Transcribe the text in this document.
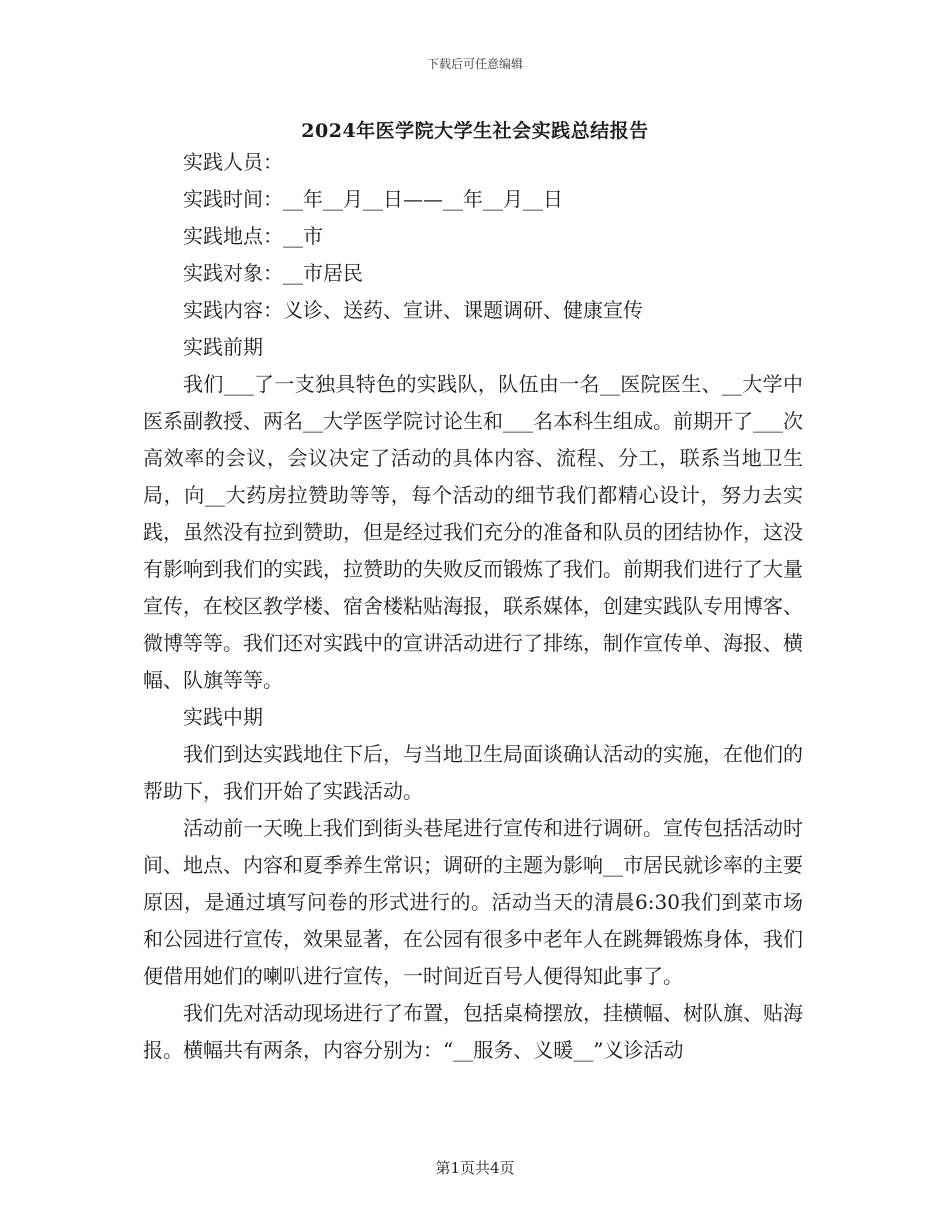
下载后可任意编辑
2024年医学院大学生社会实践总结报告

实践人员：

实践时间：__年__月__日——__年__月__日

实践地点：__市

实践对象：__市居民

实践内容：义诊、送药、宣讲、课题调研、健康宣传

实践前期

我们___了一支独具特色的实践队，队伍由一名__医院医生、__大学中医系副教授、两名__大学医学院讨论生和___名本科生组成。前期开了___次高效率的会议，会议决定了活动的具体内容、流程、分工，联系当地卫生局，向__大药房拉赞助等等，每个活动的细节我们都精心设计，努力去实践，虽然没有拉到赞助，但是经过我们充分的准备和队员的团结协作，这没有影响到我们的实践，拉赞助的失败反而锻炼了我们。前期我们进行了大量宣传，在校区教学楼、宿舍楼粘贴海报，联系媒体，创建实践队专用博客、微博等等。我们还对实践中的宣讲活动进行了排练，制作宣传单、海报、横幅、队旗等等。

实践中期

我们到达实践地住下后，与当地卫生局面谈确认活动的实施，在他们的帮助下，我们开始了实践活动。

活动前一天晚上我们到街头巷尾进行宣传和进行调研。宣传包括活动时间、地点、内容和夏季养生常识；调研的主题为影响__市居民就诊率的主要原因，是通过填写问卷的形式进行的。活动当天的清晨6:30我们到菜市场和公园进行宣传，效果显著，在公园有很多中老年人在跳舞锻炼身体，我们便借用她们的喇叭进行宣传，一时间近百号人便得知此事了。

我们先对活动现场进行了布置，包括桌椅摆放，挂横幅、树队旗、贴海报。横幅共有两条，内容分别为：“__服务、义暖__”义诊活动

第1页共4页
